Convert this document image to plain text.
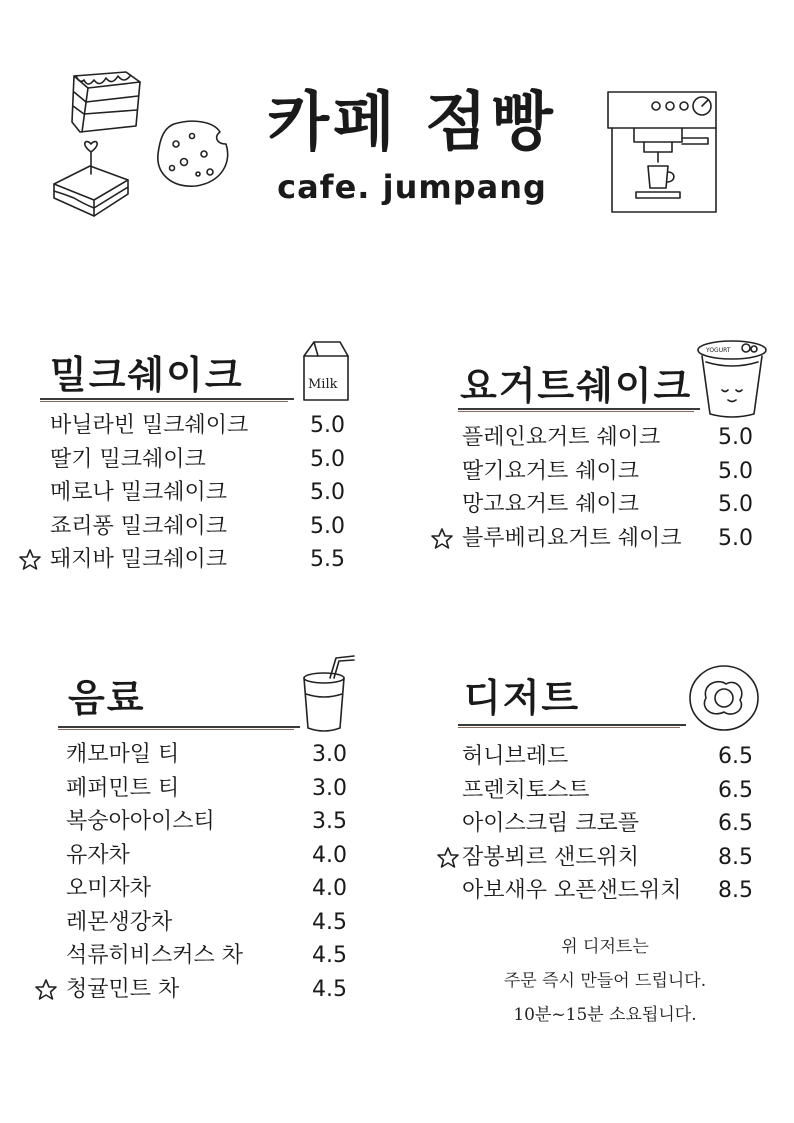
카페 점빵
cafe. jumpang
밀크쉐이크	Milk
바닐라빈 밀크쉐이크	5.0
딸기 밀크쉐이크	5.0
메로나 밀크쉐이크	5.0
죠리퐁 밀크쉐이크	5.0
돼지바 밀크쉐이크	5.5
요거트쉐이크
YOGURT
플레인요거트 쉐이크	5.0
딸기요거트 쉐이크	5.0
망고요거트 쉐이크	5.0
블루베리요거트 쉐이크 5.0
음료
캐모마일 티	3.0
페퍼민트 티	3.0
복숭아아이스티	3.5
유자차	4.0
오미자차	4.0
레몬생강차	4.5
석류히비스커스 차	4.5
청귤민트 차	4.5
디저트
허니브레드	6.5
프렌치토스트	6.5
아이스크림 크로플	6.5
잠봉뵈르 샌드위치	8.5
아보새우 오픈샌드위치 8.5
위 디저트는
주문 즉시 만들어 드립니다.
10분~15분 소요됩니다.
